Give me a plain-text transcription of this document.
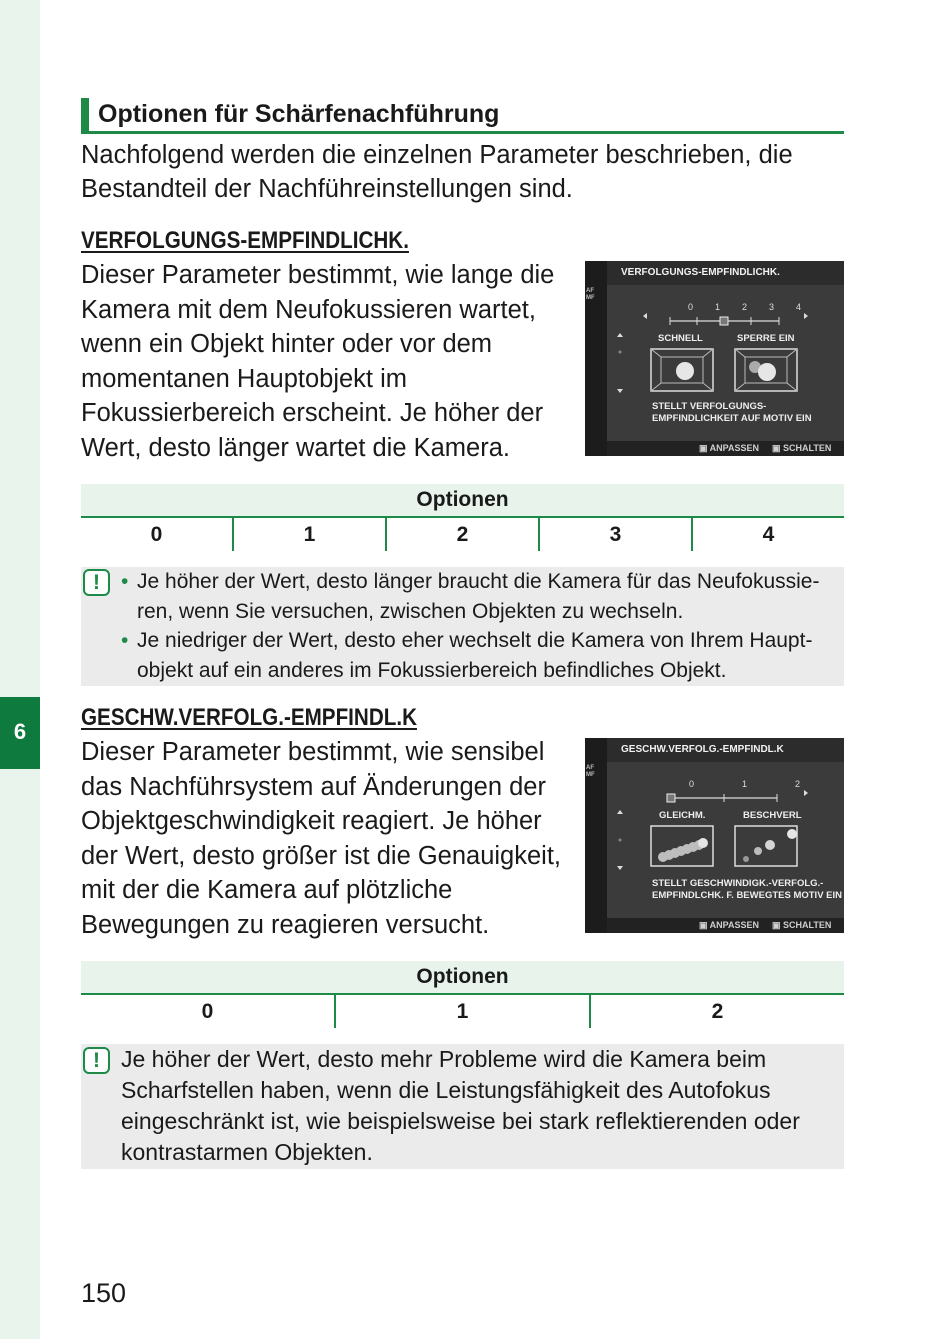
6
Optionen für Schärfenachführung

Nachfolgend werden die einzelnen Parameter beschrieben, die Bestandteil der Nachführeinstellungen sind.

VERFOLGUNGS-EMPFINDLICHK.

Dieser Parameter bestimmt, wie lange die Kamera mit dem Neufokussieren wartet, wenn ein Objekt hinter oder vor dem momentanen Hauptobjekt im Fokussierbereich erscheint. Je höher der Wert, desto länger wartet die Kamera.

AF
MF
VERFOLGUNGS-EMPFINDLICHK.
0 1 2 3 4
SCHNELL	SPERRE EIN
STELLT VERFOLGUNGS-
EMPFINDLICHKEIT AUF MOTIV EIN
▣ ANPASSEN ▣ SCHALTEN
Optionen
0	1	2	3	4
!	• Je höher der Wert, desto länger braucht die Kamera für das Neufokussieren, wenn Sie versuchen, zwischen Objekten zu wechseln.
• Je niedriger der Wert, desto eher wechselt die Kamera von Ihrem Hauptobjekt auf ein anderes im Fokussierbereich befindliches Objekt.
GESCHW.VERFOLG.-EMPFINDL.K

Dieser Parameter bestimmt, wie sensibel das Nachführsystem auf Änderungen der Objektgeschwindigkeit reagiert. Je höher der Wert, desto größer ist die Genauigkeit, mit der die Kamera auf plötzliche Bewegungen zu reagieren versucht.

AF
MF
GESCHW.VERFOLG.-EMPFINDL.K
0	1	2
GLEICHM.	BESCHVERL
STELLT GESCHWINDIGK.-VERFOLG.-
EMPFINDLCHK. F. BEWEGTES MOTIV EIN
▣ ANPASSEN ▣ SCHALTEN
Optionen
0	1	2
! Je höher der Wert, desto mehr Probleme wird die Kamera beim Scharfstellen haben, wenn die Leistungsfähigkeit des Autofokus eingeschränkt ist, wie beispielsweise bei stark reflektierenden oder kontrastarmen Objekten.

150
